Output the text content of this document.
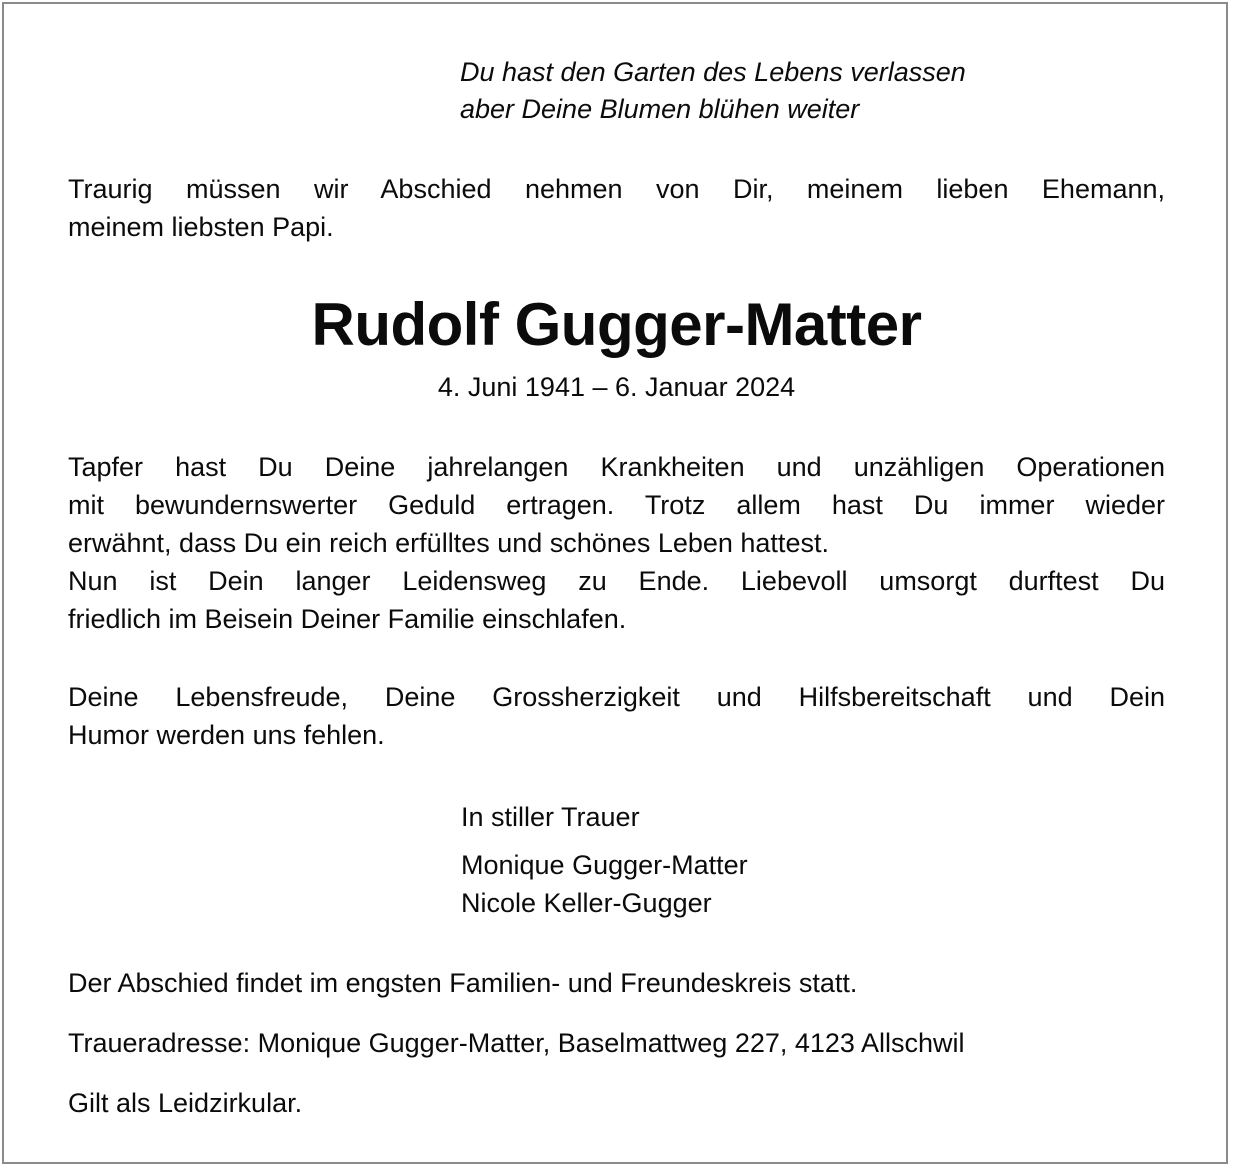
Du hast den Garten des Lebens verlassen
aber Deine Blumen blühen weiter
Traurig müssen wir Abschied nehmen von Dir, meinem lieben Ehemann,
meinem liebsten Papi.
Rudolf Gugger-Matter
4. Juni 1941 – 6. Januar 2024
Tapfer hast Du Deine jahrelangen Krankheiten und unzähligen Operationen
mit bewundernswerter Geduld ertragen. Trotz allem hast Du immer wieder
erwähnt, dass Du ein reich erfülltes und schönes Leben hattest.
Nun ist Dein langer Leidensweg zu Ende. Liebevoll umsorgt durftest Du
friedlich im Beisein Deiner Familie einschlafen.
Deine Lebensfreude, Deine Grossherzigkeit und Hilfsbereitschaft und Dein
Humor werden uns fehlen.
In stiller Trauer
Monique Gugger-Matter
Nicole Keller-Gugger
Der Abschied findet im engsten Familien- und Freundeskreis statt.
Traueradresse: Monique Gugger-Matter, Baselmattweg 227, 4123 Allschwil
Gilt als Leidzirkular.
